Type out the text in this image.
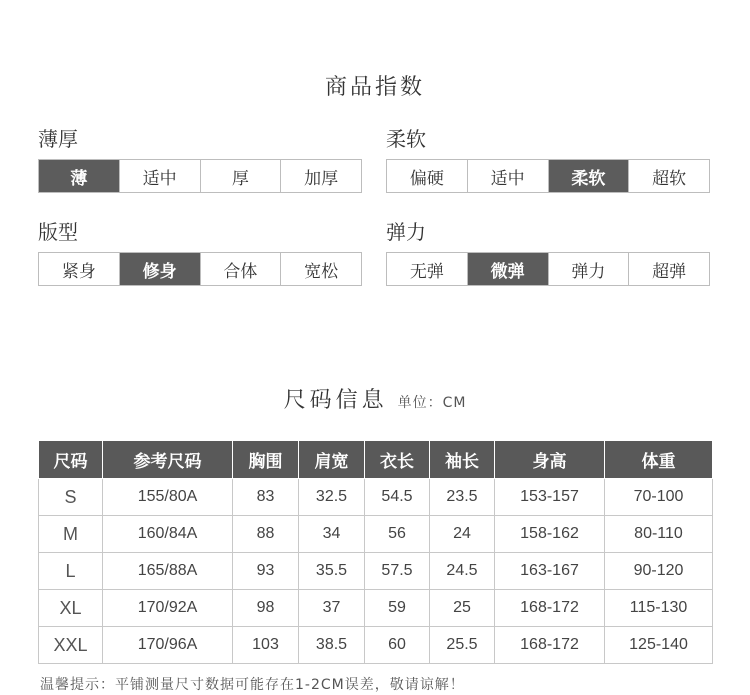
商品指数
薄厚
薄	适中	厚	加厚
柔软
偏硬	适中	柔软	超软
版型
紧身	修身	合体	宽松
弹力
无弹	微弹	弹力	超弹
尺码信息 单位：CM
尺码	参考尺码	胸围	肩宽	衣长	袖长	身高	体重
S	155/80A	83	32.5	54.5	23.5	153-157	70-100
M	160/84A	88	34	56	24	158-162	80-110
L	165/88A	93	35.5	57.5	24.5	163-167	90-120
XL	170/92A	98	37	59	25	168-172	115-130
XXL	170/96A	103	38.5	60	25.5	168-172	125-140
温馨提示：平铺测量尺寸数据可能存在1-2CM误差，敬请谅解！
